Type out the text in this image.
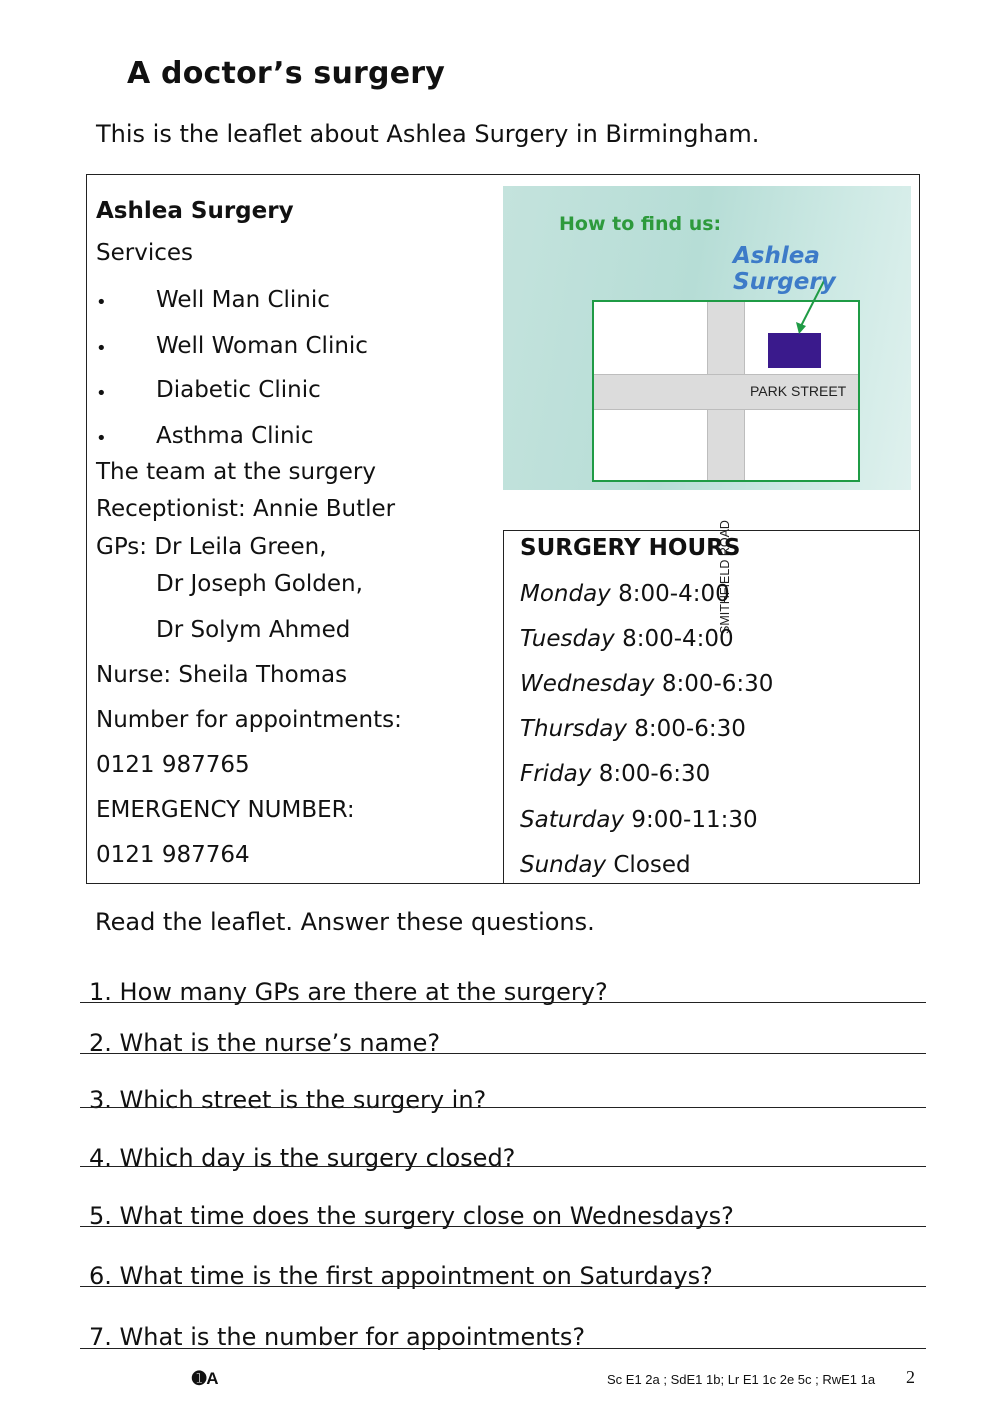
A doctor’s surgery
This is the leaflet about Ashlea Surgery in Birmingham.
Ashlea Surgery
Services
• Well Man Clinic
• Well Woman Clinic
• Diabetic Clinic
• Asthma Clinic
The team at the surgery
Receptionist: Annie Butler
GPs: Dr Leila Green,
Dr Joseph Golden,
Dr Solym Ahmed
Nurse: Sheila Thomas
Number for appointments:
0121 987765
EMERGENCY NUMBER:
0121 987764
How to find us:
Ashlea Surgery
PARK STREET
SMITHFIELD ROAD
SURGERY HOURS
Monday 8:00-4:00
Tuesday 8:00-4:00
Wednesday 8:00-6:30
Thursday 8:00-6:30
Friday 8:00-6:30
Saturday 9:00-11:30
Sunday Closed
Read the leaflet. Answer these questions.
1. How many GPs are there at the surgery?
2. What is the nurse’s name?
3. Which street is the surgery in?
4. Which day is the surgery closed?
5. What time does the surgery close on Wednesdays?
6. What time is the first appointment on Saturdays?
7. What is the number for appointments?
➊A	Sc E1 2a ; SdE1 1b; Lr E1 1c 2e 5c ; RwE1 1a 2
